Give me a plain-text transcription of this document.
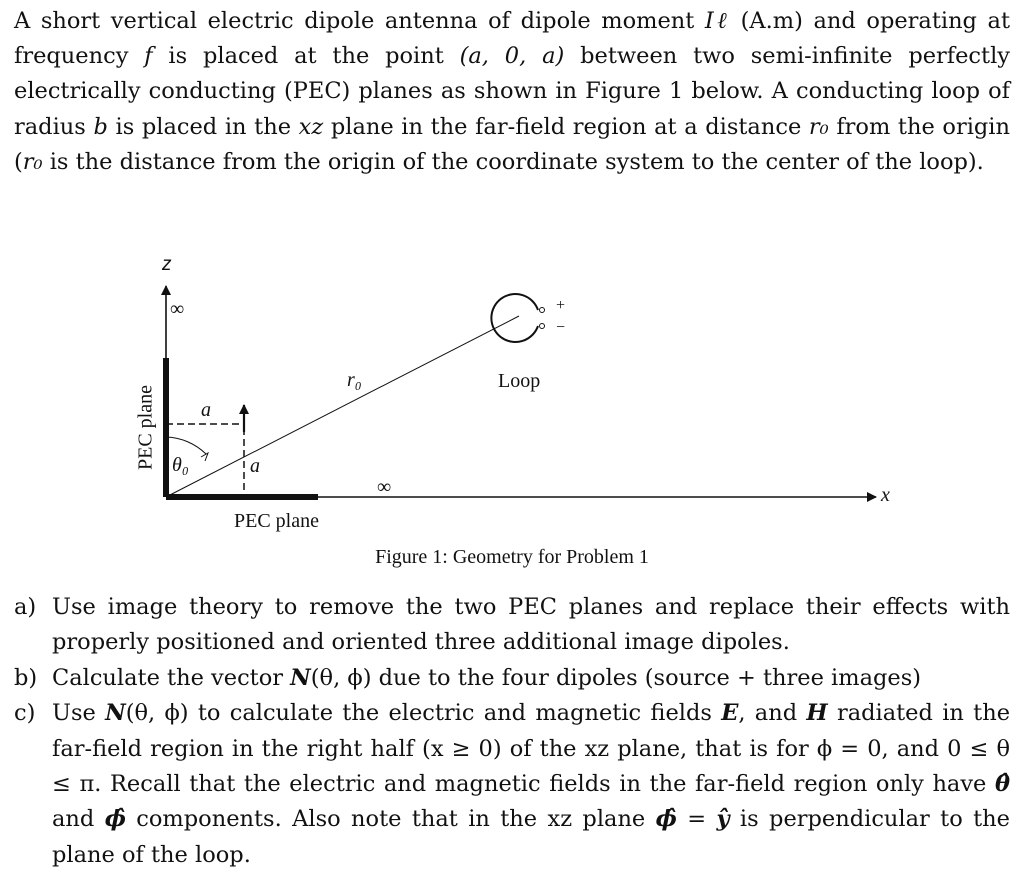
A short vertical electric dipole antenna of dipole moment Iℓ (A.m) and operating at frequency f is placed at the point (a, 0, a) between two semi-infinite perfectly electrically conducting (PEC) planes as shown in Figure 1 below. A conducting loop of radius b is placed in the xz plane in the far-field region at a distance r₀ from the origin (r₀ is the distance from the origin of the coordinate system to the center of the loop).

z
x
∞
∞
r₀	Loop
+
−
a
a
θ₀
PEC plane
PEC plane
Figure 1: Geometry for Problem 1
a) Use image theory to remove the two PEC planes and replace their effects with properly positioned and oriented three additional image dipoles.
b) Calculate the vector N(θ, ϕ) due to the four dipoles (source + three images)
c) Use N(θ, ϕ) to calculate the electric and magnetic fields E, and H radiated in the far-field region in the right half (x ≥ 0) of the xz plane, that is for ϕ = 0, and 0 ≤ θ ≤ π. Recall that the electric and magnetic fields in the far-field region only have θ̂ and ϕ̂ components. Also note that in the xz plane ϕ̂ = ŷ is perpendicular to the plane of the loop.
